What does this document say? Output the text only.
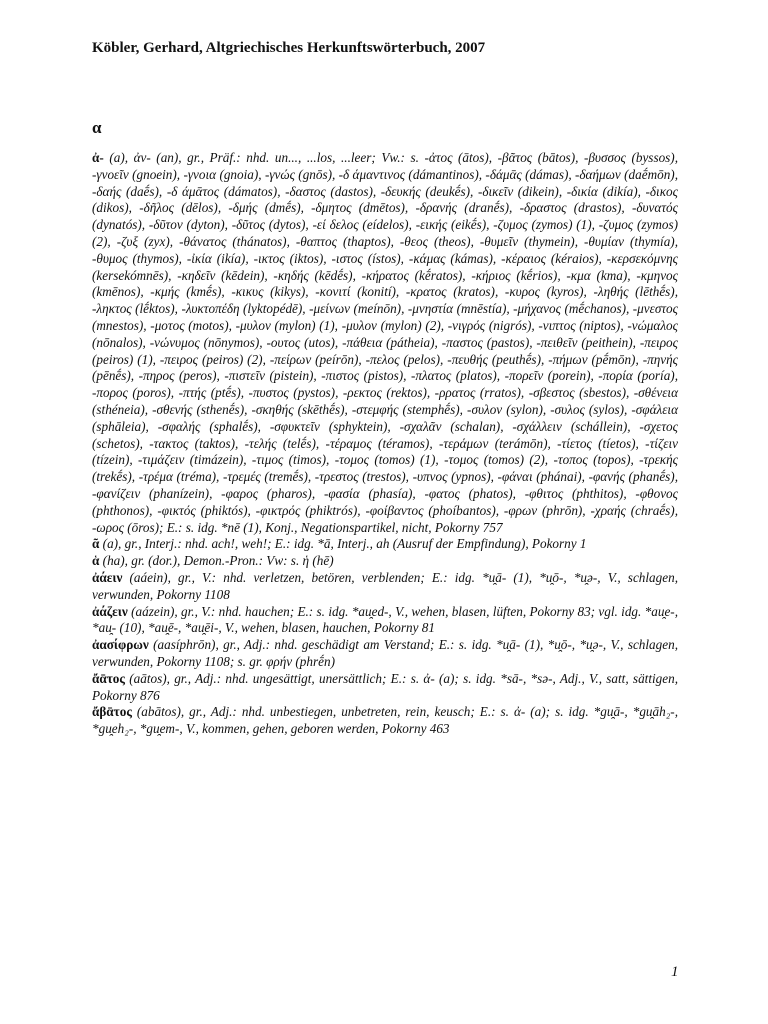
Köbler, Gerhard, Altgriechisches Herkunftswörterbuch, 2007
α

ἀ- (a), ἀν- (an), gr., Präf.: nhd. un..., ...los, ...leer; Vw.: s. -ἀτος (ātos), -βᾶτος (bātos), -βυσσος (byssos), -γνοεῖν (gnoein), -γνοια (gnoia), -γνώς (gnōs), -δ άμαντινος (dámantinos), -δάμᾱς (dámas), -δαήμων (daḗmōn), -δαής (daḗs), -δ άμᾱτος (dámatos), -δαστος (dastos), -δευκής (deukḗs), -δικεῖν (dikein), -δικία (dikía), -δικος (dikos), -δῆλος (dēlos), -δμής (dmḗs), -δμητος (dmētos), -δρανής (dranḗs), -δραστος (drastos), -δυνατός (dynatós), -δῦτον (dyton), -δῦτος (dytos), -εί δελος (eídelos), -εικής (eikḗs), -ζυμος (zymos) (1), -ζυμος (zymos) (2), -ζυξ (zyx), -θάνατος (thánatos), -θαπτος (thaptos), -θεος (theos), -θυμεῖν (thymein), -θυμίαν (thymía), -θυμος (thymos), -ἰκία (ikía), -ικτος (iktos), -ιστος (ístos), -κάμας (kámas), -κέραιος (kéraios), -κερσεκόμνης (kersekómnēs), -κηδεῖν (kēdein), -κηδής (kēdḗs), -κήρατος (kḗratos), -κήριος (kḗrios), -κμα (kma), -κμηνος (kmēnos), -κμής (kmḗs), -κικυς (kikys), -κονιτί (konití), -κρατος (kratos), -κυρος (kyros), -ληθής (lēthḗs), -ληκτος (lḗktos), -λυκτοπέδη (lyktopédē), -μείνων (meínōn), -μνηστία (mnēstía), -μήχανος (mḗchanos), -μνεστος (mnestos), -μοτος (motos), -μυλον (mylon) (1), -μυλον (mylon) (2), -νιγρός (nigrós), -νιπτος (niptos), -νώμαλος (nōnalos), -νώνυμος (nōnymos), -ουτος (utos), -πάθεια (pátheia), -παστος (pastos), -πειθεῖν (peithein), -πειρος (peiros) (1), -πειρος (peiros) (2), -πείρων (peírōn), -πελος (pelos), -πευθής (peuthḗs), -πήμων (pḗmōn), -πηνής (pēnḗs), -πηρος (peros), -πιστεῖν (pistein), -πιστος (pistos), -πλατος (platos), -πορεῖν (porein), -πορία (poría), -πορος (poros), -πτής (ptḗs), -πυστος (pystos), -ρεκτος (rektos), -ρρατος (rratos), -σβεστος (sbestos), -σθένεια (sthéneia), -σθενής (sthenḗs), -σκηθής (skēthḗs), -στεμφής (stemphḗs), -συλον (sylon), -συλος (sylos), -σφάλεια (sphāleia), -σφαλής (sphalḗs), -σφυκτεῖν (sphyktein), -σχαλᾶν (schalan), -σχάλλειν (schállein), -σχετος (schetos), -τακτος (taktos), -τελής (telḗs), -τέραμος (téramos), -τεράμων (terámōn), -τίετος (tíetos), -τίζειν (tízein), -τιμάζειν (timázein), -τιμος (timos), -τομος (tomos) (1), -τομος (tomos) (2), -τοπος (topos), -τρεκής (trekḗs), -τρέμα (tréma), -τρεμές (tremḗs), -τρεστος (trestos), -υπνος (ypnos), -φάναι (phánai), -φανής (phanḗs), -φανίζειν (phanízein), -φαρος (pharos), -φασία (phasía), -φατος (phatos), -φθιτος (phthitos), -φθονος (phthonos), -φικτός (phiktós), -φικτρός (phiktrós), -φοίβαντος (phoíbantos), -φρων (phrōn), -χραής (chraḗs), -ωρος (ōros); E.: s. idg. *nē (1), Konj., Negationspartikel, nicht, Pokorny 757

ᾶ (a), gr., Interj.: nhd. ach!, weh!; E.: idg. *ā, Interj., ah (Ausruf der Empfindung), Pokorny 1

ἁ (ha), gr. (dor.), Demon.-Pron.: Vw: s. ἡ (hē)

ἀάειν (aáein), gr., V.: nhd. verletzen, betören, verblenden; E.: idg. *u̯ā- (1), *u̯ō-, *u̯ə-, V., schlagen, verwunden, Pokorny 1108

ἀάζειν (aázein), gr., V.: nhd. hauchen; E.: s. idg. *au̯ed-, V., wehen, blasen, lüften, Pokorny 83; vgl. idg. *au̯e-, *au̯- (10), *au̯ē-, *au̯ēi-, V., wehen, blasen, hauchen, Pokorny 81

ἀασίφρων (aasíphrōn), gr., Adj.: nhd. geschädigt am Verstand; E.: s. idg. *u̯ā- (1), *u̯ō-, *u̯ə-, V., schlagen, verwunden, Pokorny 1108; s. gr. φρήν (phrḗn)

ἄᾱτος (aātos), gr., Adj.: nhd. ungesättigt, unersättlich; E.: s. ἀ- (a); s. idg. *sā-, *sə-, Adj., V., satt, sättigen, Pokorny 876

ἄβᾱτος (abātos), gr., Adj.: nhd. unbestiegen, unbetreten, rein, keusch; E.: s. ἀ- (a); s. idg. *gu̯ā-, *gu̯āh₂-, *gu̯eh₂-, *gu̯em-, V., kommen, gehen, geboren werden, Pokorny 463

1
